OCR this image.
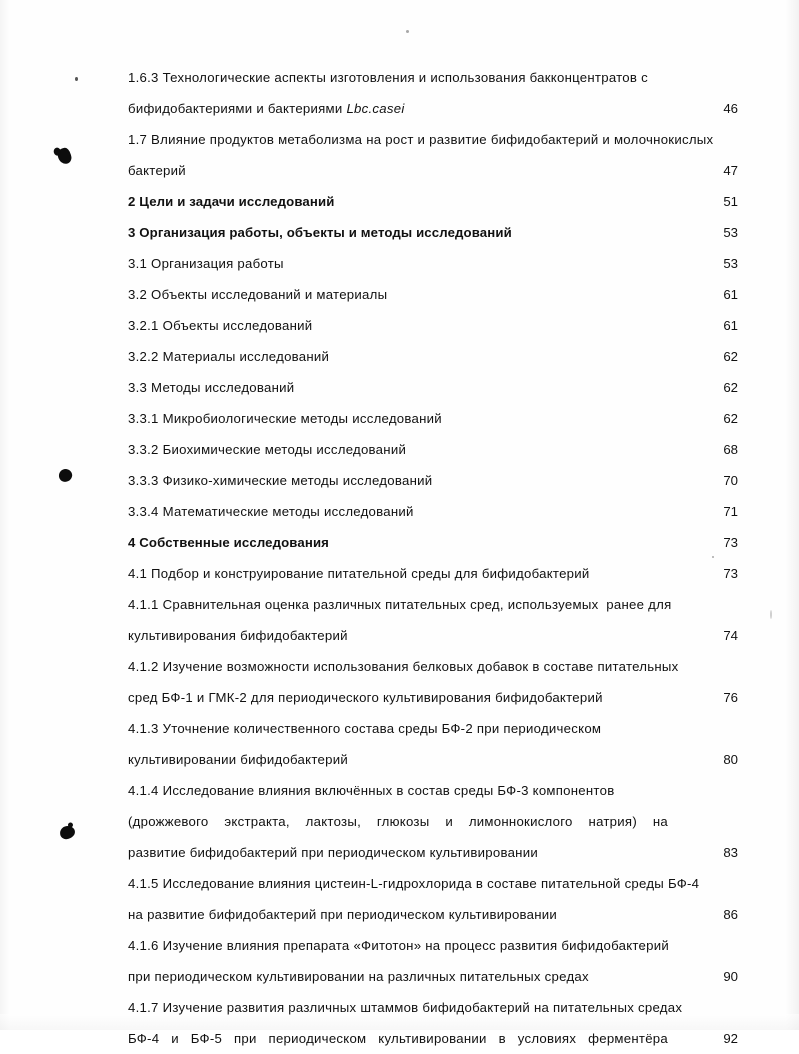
1.6.3 Технологические аспекты изготовления и использования бакконцентратов с
бифидобактериями и бактериями Lbc.casei	46
1.7 Влияние продуктов метаболизма на рост и развитие бифидобактерий и молочнокислых
бактерий	47
2 Цели и задачи исследований	51
3 Организация работы, объекты и методы исследований	53
3.1 Организация работы	53
3.2 Объекты исследований и материалы	61
3.2.1 Объекты исследований	61
3.2.2 Материалы исследований	62
3.3 Методы исследований	62
3.3.1 Микробиологические методы исследований	62
3.3.2 Биохимические методы исследований	68
3.3.3 Физико-химические методы исследований	70
3.3.4 Математические методы исследований	71
4 Собственные исследования	73
4.1 Подбор и конструирование питательной среды для бифидобактерий	73
4.1.1 Сравнительная оценка различных питательных сред, используемых  ранее для
культивирования бифидобактерий	74
4.1.2 Изучение возможности использования белковых добавок в составе питательных
сред БФ-1 и ГМК-2 для периодического культивирования бифидобактерий	76
4.1.3 Уточнение количественного состава среды БФ-2 при периодическом
культивировании бифидобактерий	80
4.1.4 Исследование влияния включённых в состав среды БФ-3 компонентов
(дрожжевого экстракта, лактозы, глюкозы и лимоннокислого натрия) на
развитие бифидобактерий при периодическом культивировании	83
4.1.5 Исследование влияния цистеин-L-гидрохлорида в составе питательной среды БФ-4
на развитие бифидобактерий при периодическом культивировании	86
4.1.6 Изучение влияния препарата «Фитотон» на процесс развития бифидобактерий
при периодическом культивировании на различных питательных средах	90
4.1.7 Изучение развития различных штаммов бифидобактерий на питательных средах
БФ-4 и БФ-5 при периодическом культивировании в условиях ферментёра	92
